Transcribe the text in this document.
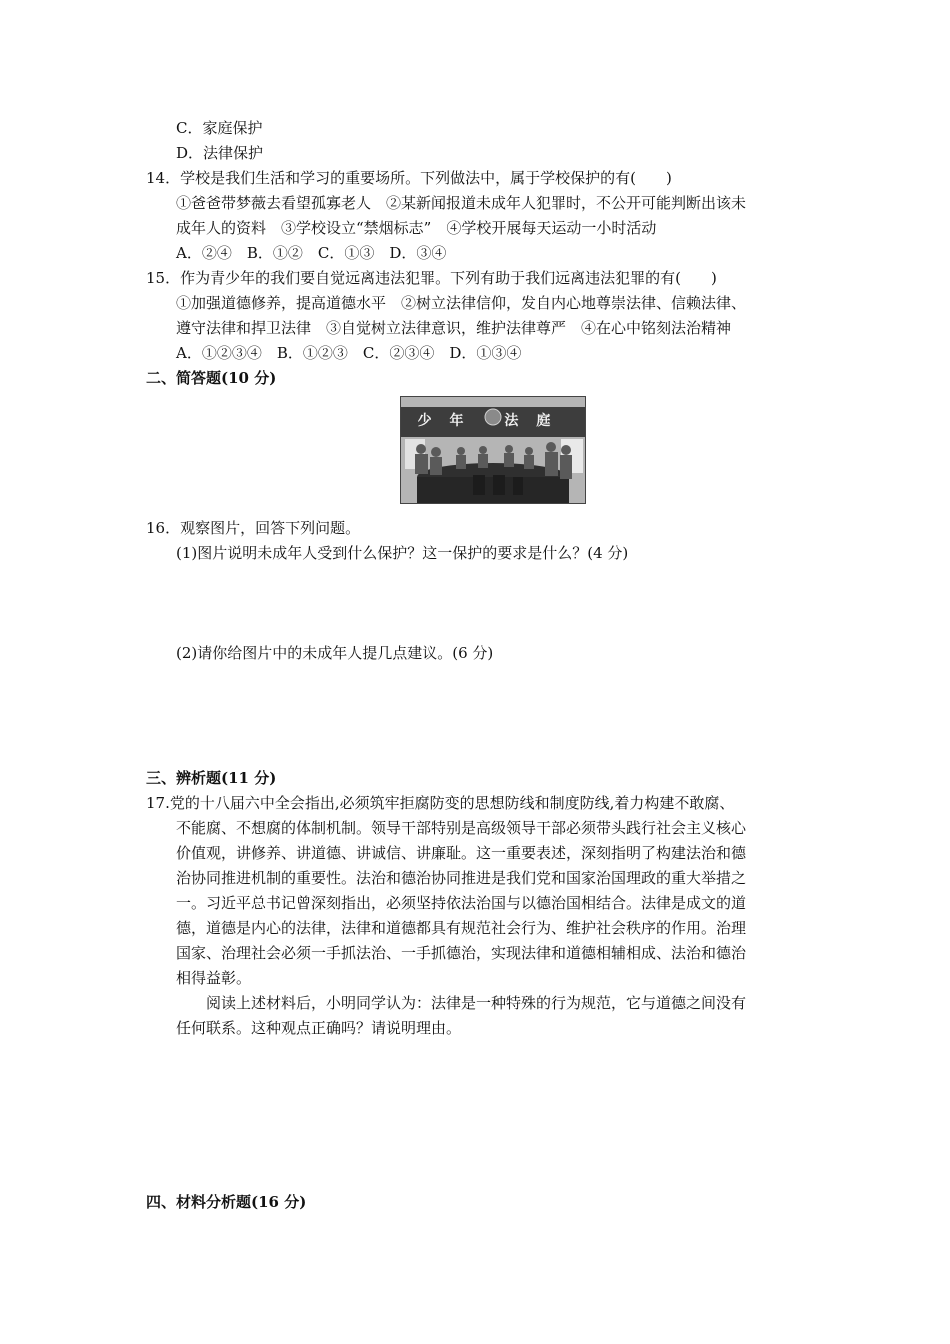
C．家庭保护
D．法律保护
14．学校是我们生活和学习的重要场所。下列做法中，属于学校保护的有(　　)
①爸爸带梦薇去看望孤寡老人　②某新闻报道未成年人犯罪时，不公开可能判断出该未
成年人的资料　③学校设立“禁烟标志”　④学校开展每天运动一小时活动
A．②④　B．①②　C．①③　D．③④
15．作为青少年的我们要自觉远离违法犯罪。下列有助于我们远离违法犯罪的有(　　)
①加强道德修养，提高道德水平　②树立法律信仰，发自内心地尊崇法律、信赖法律、
遵守法律和捍卫法律　③自觉树立法律意识，维护法律尊严　④在心中铭刻法治精神
A．①②③④　B．①②③　C．②③④　D．①③④
二、简答题(10 分)
少年 法庭
16．观察图片，回答下列问题。
(1)图片说明未成年人受到什么保护？这一保护的要求是什么？(4 分)
(2)请你给图片中的未成年人提几点建议。(6 分)
三、辨析题(11 分)
17.党的十八届六中全会指出,必须筑牢拒腐防变的思想防线和制度防线,着力构建不敢腐、
不能腐、不想腐的体制机制。领导干部特别是高级领导干部必须带头践行社会主义核心
价值观，讲修养、讲道德、讲诚信、讲廉耻。这一重要表述，深刻指明了构建法治和德
治协同推进机制的重要性。法治和德治协同推进是我们党和国家治国理政的重大举措之
一。习近平总书记曾深刻指出，必须坚持依法治国与以德治国相结合。法律是成文的道
德，道德是内心的法律，法律和道德都具有规范社会行为、维护社会秩序的作用。治理
国家、治理社会必须一手抓法治、一手抓德治，实现法律和道德相辅相成、法治和德治
相得益彰。
　　阅读上述材料后，小明同学认为：法律是一种特殊的行为规范，它与道德之间没有
任何联系。这种观点正确吗？请说明理由。
四、材料分析题(16 分)
